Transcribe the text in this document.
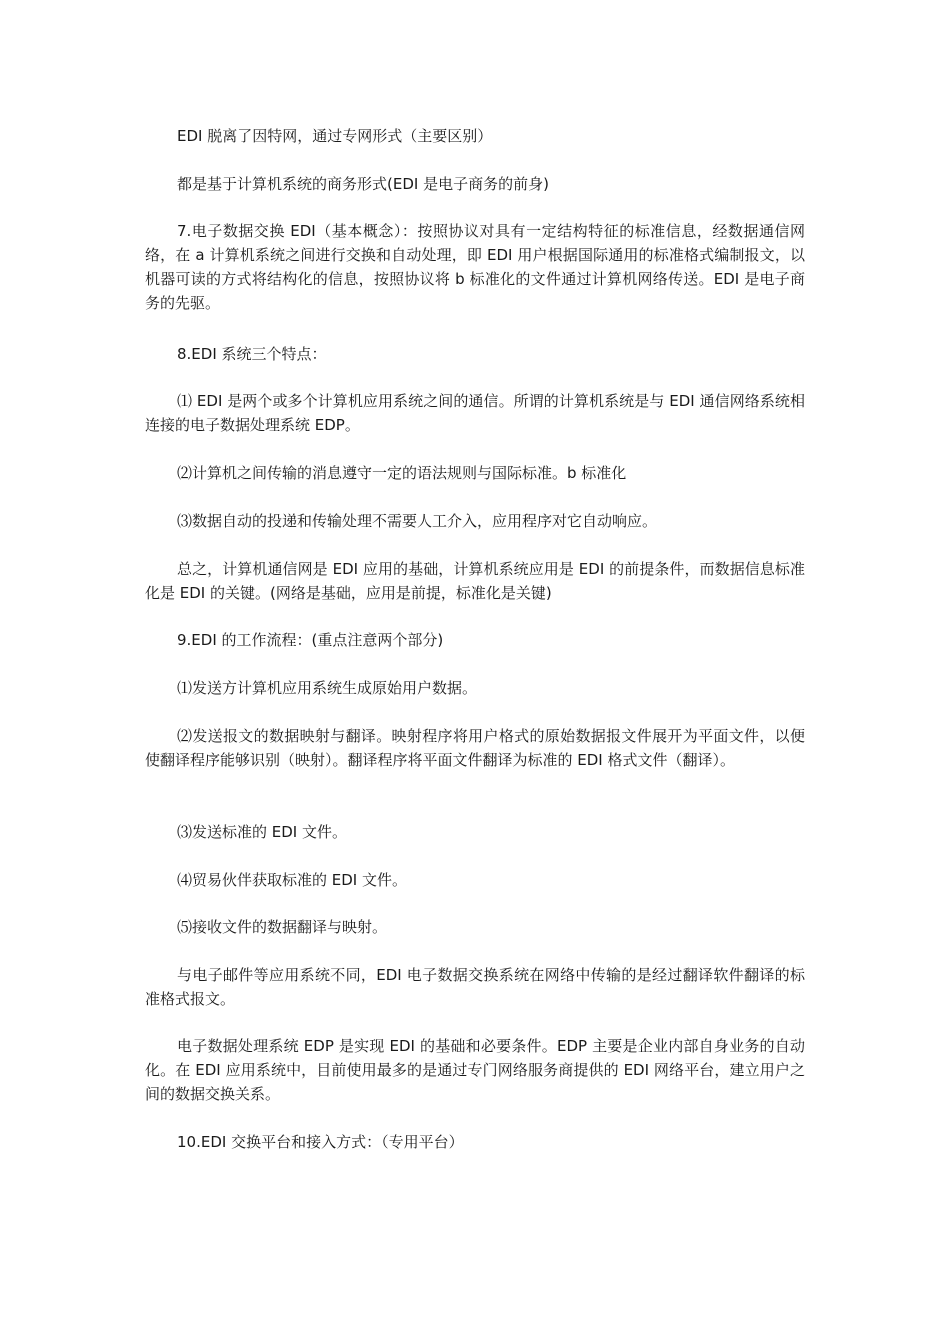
EDI 脱离了因特网，通过专网形式（主要区别）

都是基于计算机系统的商务形式(EDI 是电子商务的前身)

7.电子数据交换 EDI（基本概念）：按照协议对具有一定结构特征的标准信息，经数据通信网络，在 a 计算机系统之间进行交换和自动处理，即 EDI 用户根据国际通用的标准格式编制报文，以机器可读的方式将结构化的信息，按照协议将 b 标准化的文件通过计算机网络传送。EDI 是电子商务的先驱。

8.EDI 系统三个特点：

⑴ EDI 是两个或多个计算机应用系统之间的通信。所谓的计算机系统是与 EDI 通信网络系统相连接的电子数据处理系统 EDP。

⑵计算机之间传输的消息遵守一定的语法规则与国际标准。b 标准化

⑶数据自动的投递和传输处理不需要人工介入，应用程序对它自动响应。

总之，计算机通信网是 EDI 应用的基础，计算机系统应用是 EDI 的前提条件，而数据信息标准化是 EDI 的关键。(网络是基础，应用是前提，标准化是关键)

9.EDI 的工作流程：(重点注意两个部分)

⑴发送方计算机应用系统生成原始用户数据。

⑵发送报文的数据映射与翻译。映射程序将用户格式的原始数据报文件展开为平面文件，以便使翻译程序能够识别（映射）。翻译程序将平面文件翻译为标准的 EDI 格式文件（翻译）。

⑶发送标准的 EDI 文件。

⑷贸易伙伴获取标准的 EDI 文件。

⑸接收文件的数据翻译与映射。

与电子邮件等应用系统不同，EDI 电子数据交换系统在网络中传输的是经过翻译软件翻译的标准格式报文。

电子数据处理系统 EDP 是实现 EDI 的基础和必要条件。EDP 主要是企业内部自身业务的自动化。在 EDI 应用系统中，目前使用最多的是通过专门网络服务商提供的 EDI 网络平台，建立用户之间的数据交换关系。

10.EDI 交换平台和接入方式：（专用平台）
